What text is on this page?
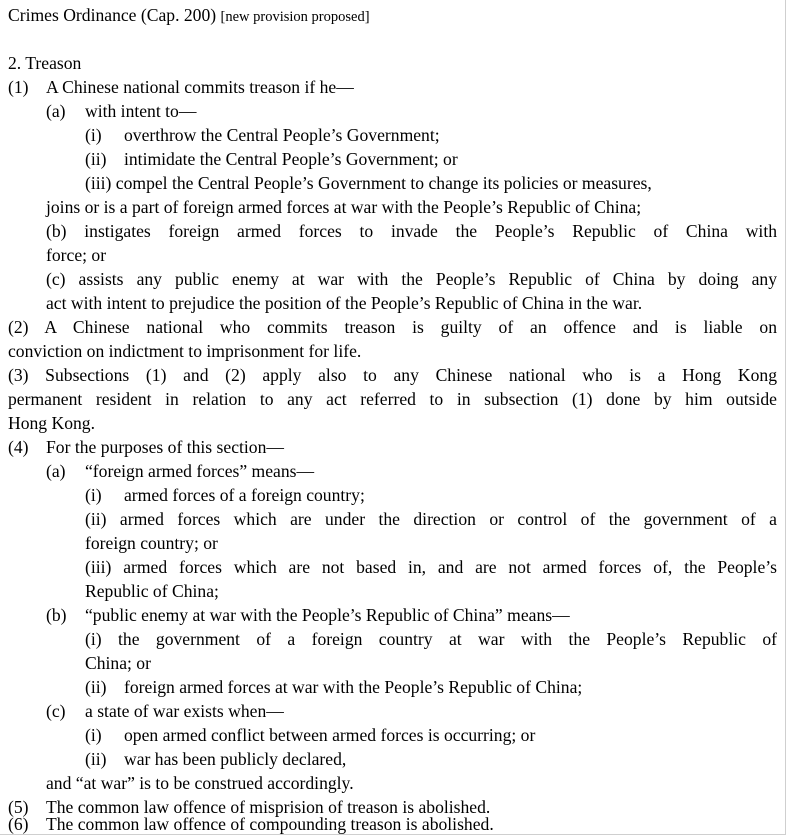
Crimes Ordinance (Cap. 200) [new provision proposed]
2. Treason
(1) A Chinese national commits treason if he—
(a) with intent to—
(i) overthrow the Central People’s Government;
(ii) intimidate the Central People’s Government; or
(iii) compel the Central People’s Government to change its policies or measures,
joins or is a part of foreign armed forces at war with the People’s Republic of China;
(b) instigates foreign armed forces to invade the People’s Republic of China with
force; or
(c) assists any public enemy at war with the People’s Republic of China by doing any
act with intent to prejudice the position of the People’s Republic of China in the war.
(2) A Chinese national who commits treason is guilty of an offence and is liable on
conviction on indictment to imprisonment for life.
(3) Subsections (1) and (2) apply also to any Chinese national who is a Hong Kong
permanent resident in relation to any act referred to in subsection (1) done by him outside
Hong Kong.
(4) For the purposes of this section—
(a) “foreign armed forces” means—
(i) armed forces of a foreign country;
(ii) armed forces which are under the direction or control of the government of a
foreign country; or
(iii) armed forces which are not based in, and are not armed forces of, the People’s
Republic of China;
(b) “public enemy at war with the People’s Republic of China” means—
(i) the government of a foreign country at war with the People’s Republic of
China; or
(ii) foreign armed forces at war with the People’s Republic of China;
(c) a state of war exists when—
(i) open armed conflict between armed forces is occurring; or
(ii) war has been publicly declared,
and “at war” is to be construed accordingly.
(5) The common law offence of misprision of treason is abolished.
(6) The common law offence of compounding treason is abolished.
